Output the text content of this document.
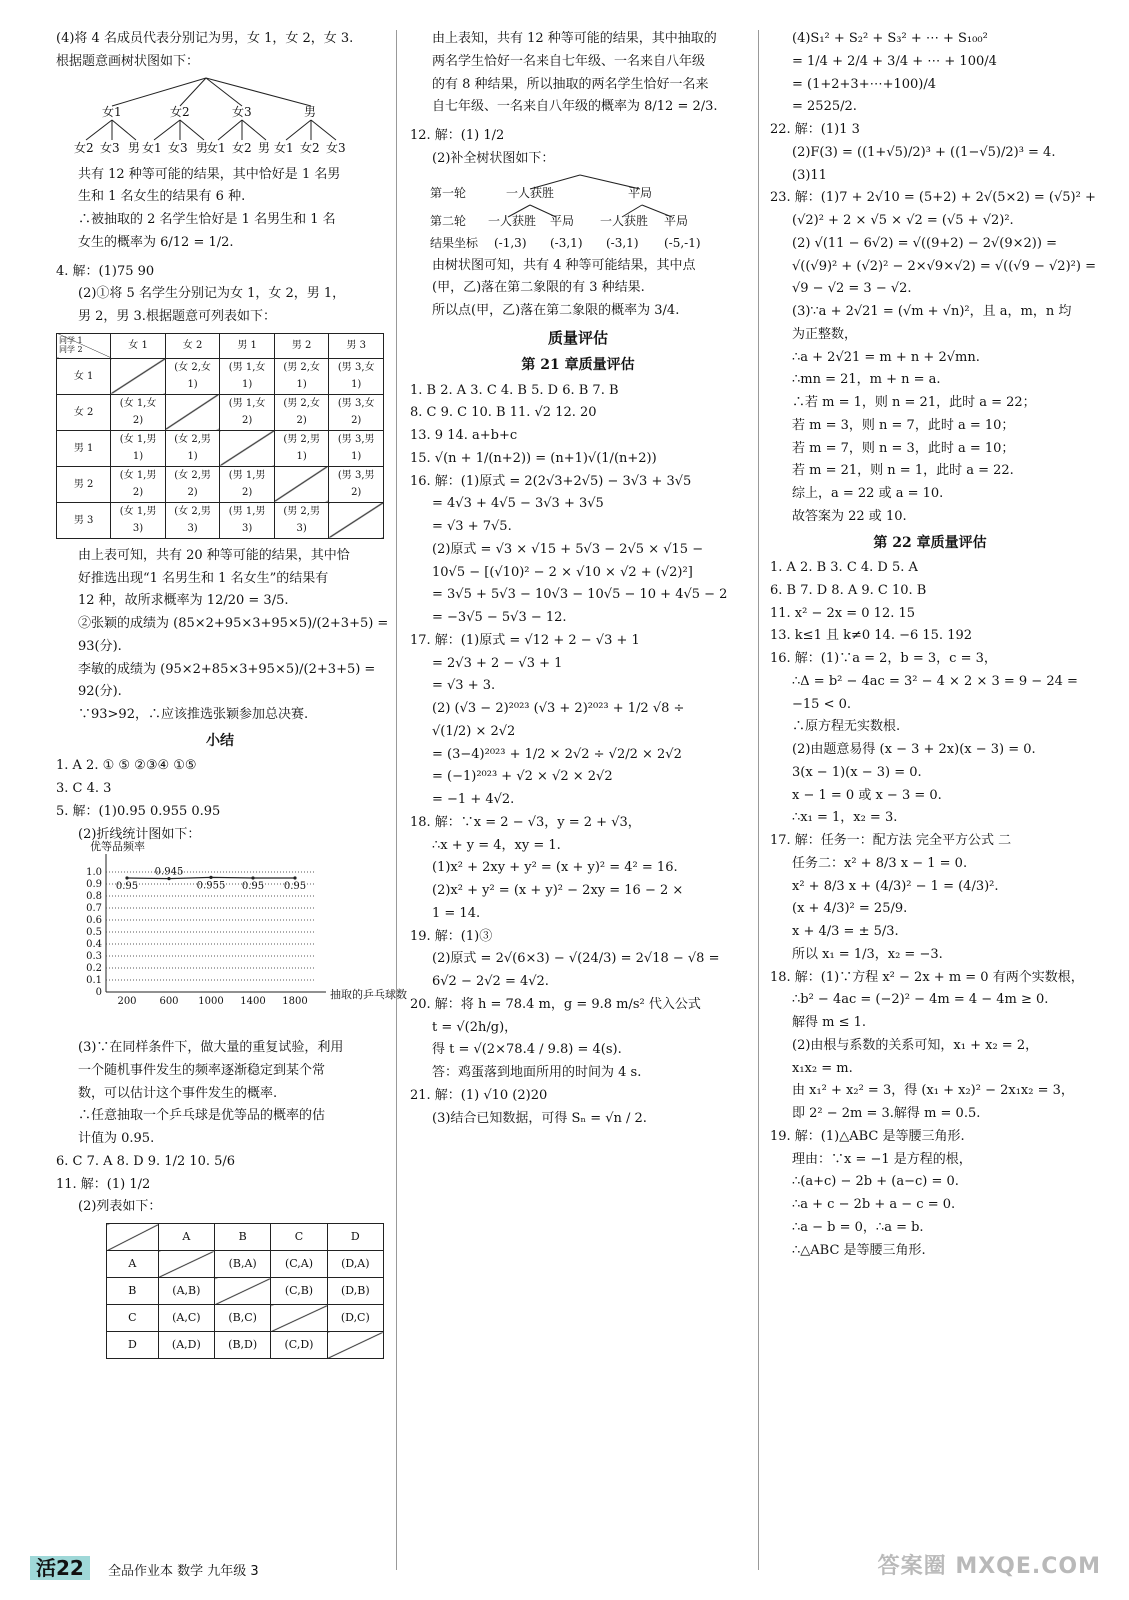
(4)将 4 名成员代表分别记为男，女 1，女 2，女 3.
根据题意画树状图如下：
女1	女2	女3	男
女2 女3 男 女1 女3 男
女1 女2 男 女1 女2 女3
共有 12 种等可能的结果，其中恰好是 1 名男
生和 1 名女生的结果有 6 种.
∴被抽取的 2 名学生恰好是 1 名男生和 1 名
女生的概率为 6/12 = 1/2.
4. 解：(1)75 90
(2)①将 5 名学生分别记为女 1，女 2，男 1，
男 2，男 3.根据题意可列表如下：
同学 1
同学 2	女 1	女 2	男 1	男 2	男 3
女 1		(女 2,女 1)	(男 1,女 1)	(男 2,女 1)	(男 3,女 1)
女 2	(女 1,女 2)		(男 1,女 2)	(男 2,女 2)	(男 3,女 2)
男 1	(女 1,男 1)	(女 2,男 1)		(男 2,男 1)	(男 3,男 1)
男 2	(女 1,男 2)	(女 2,男 2)	(男 1,男 2)		(男 3,男 2)
男 3	(女 1,男 3)	(女 2,男 3)	(男 1,男 3)	(男 2,男 3)	
由上表可知，共有 20 种等可能的结果，其中恰
好推选出现“1 名男生和 1 名女生”的结果有
12 种，故所求概率为 12/20 = 3/5.
②张颖的成绩为 (85×2+95×3+95×5)/(2+3+5) =
93(分).
李敏的成绩为 (95×2+85×3+95×5)/(2+3+5) =
92(分).
∵93>92，∴应该推选张颖参加总决赛.
小结
1. A 2. ① ⑤ ②③④ ①⑤
3. C 4. 3
5. 解：(1)0.95 0.955 0.95
(2)折线统计图如下：
0
0.1
0.2
0.3
0.4
0.5
0.6
0.7
0.8
0.9
1.0
200 600 1000 1400 1800
优等品频率
抽取的乒乓球数
0.95
0.945
0.955 0.95 0.95
(3)∵在同样条件下，做大量的重复试验，利用
一个随机事件发生的频率逐渐稳定到某个常
数，可以估计这个事件发生的概率.
∴任意抽取一个乒乓球是优等品的概率的估
计值为 0.95.
6. C 7. A 8. D 9. 1/2 10. 5/6
11. 解：(1) 1/2
(2)列表如下：
	A	B	C	D
A		(B,A)	(C,A)	(D,A)
B	(A,B)		(C,B)	(D,B)
C	(A,C)	(B,C)		(D,C)
D	(A,D)	(B,D)	(C,D)	
由上表知，共有 12 种等可能的结果，其中抽取的
两名学生恰好一名来自七年级、一名来自八年级
的有 8 种结果，所以抽取的两名学生恰好一名来
自七年级、一名来自八年级的概率为 8/12 = 2/3.
12. 解：(1) 1/2
(2)补全树状图如下：
第一轮	一人获胜	平局
第二轮 一人获胜 平局 一人获胜 平局
结果坐标 (-1,3) (-3,1) (-3,1) (-5,-1)
由树状图可知，共有 4 种等可能结果，其中点
(甲，乙)落在第二象限的有 3 种结果.
所以点(甲，乙)落在第二象限的概率为 3/4.
质量评估
第 21 章质量评估
1. B 2. A 3. C 4. B 5. D 6. B 7. B
8. C 9. C 10. B 11. √2 12. 20
13. 9 14. a+b+c
15. √(n + 1/(n+2)) = (n+1)√(1/(n+2))
16. 解：(1)原式 = 2(2√3+2√5) − 3√3 + 3√5
= 4√3 + 4√5 − 3√3 + 3√5
= √3 + 7√5.
(2)原式 = √3 × √15 + 5√3 − 2√5 × √15 −
10√5 − [(√10)² − 2 × √10 × √2 + (√2)²]
= 3√5 + 5√3 − 10√3 − 10√5 − 10 + 4√5 − 2
= −3√5 − 5√3 − 12.
17. 解：(1)原式 = √12 + 2 − √3 + 1
= 2√3 + 2 − √3 + 1
= √3 + 3.
(2) (√3 − 2)²⁰²³ (√3 + 2)²⁰²³ + 1/2 √8 ÷
√(1/2) × 2√2
= (3−4)²⁰²³ + 1/2 × 2√2 ÷ √2/2 × 2√2
= (−1)²⁰²³ + √2 × √2 × 2√2
= −1 + 4√2.
18. 解：∵x = 2 − √3，y = 2 + √3，
∴x + y = 4，xy = 1.
(1)x² + 2xy + y² = (x + y)² = 4² = 16.
(2)x² + y² = (x + y)² − 2xy = 16 − 2 ×
1 = 14.
19. 解：(1)③
(2)原式 = 2√(6×3) − √(24/3) = 2√18 − √8 =
6√2 − 2√2 = 4√2.
20. 解：将 h = 78.4 m，g = 9.8 m/s² 代入公式
t = √(2h/g)，
得 t = √(2×78.4 / 9.8) = 4(s).
答：鸡蛋落到地面所用的时间为 4 s.
21. 解：(1) √10 (2)20
(3)结合已知数据，可得 Sₙ = √n / 2.
(4)S₁² + S₂² + S₃² + ⋯ + S₁₀₀²
= 1/4 + 2/4 + 3/4 + ⋯ + 100/4
= (1+2+3+⋯+100)/4
= 2525/2.
22. 解：(1)1 3
(2)F(3) = ((1+√5)/2)³ + ((1−√5)/2)³ = 4.
(3)11
23. 解：(1)7 + 2√10 = (5+2) + 2√(5×2) = (√5)² +
(√2)² + 2 × √5 × √2 = (√5 + √2)².
(2) √(11 − 6√2) = √((9+2) − 2√(9×2)) =
√((√9)² + (√2)² − 2×√9×√2) = √((√9 − √2)²) =
√9 − √2 = 3 − √2.
(3)∵a + 2√21 = (√m + √n)²，且 a，m，n 均
为正整数，
∴a + 2√21 = m + n + 2√mn.
∴mn = 21，m + n = a.
∴若 m = 1，则 n = 21，此时 a = 22；
若 m = 3，则 n = 7，此时 a = 10；
若 m = 7，则 n = 3，此时 a = 10；
若 m = 21，则 n = 1，此时 a = 22.
综上，a = 22 或 a = 10.
故答案为 22 或 10.
第 22 章质量评估
1. A 2. B 3. C 4. D 5. A
6. B 7. D 8. A 9. C 10. B
11. x² − 2x = 0 12. 15
13. k≤1 且 k≠0 14. −6 15. 192
16. 解：(1)∵a = 2，b = 3，c = 3，
∴Δ = b² − 4ac = 3² − 4 × 2 × 3 = 9 − 24 =
−15 < 0.
∴原方程无实数根.
(2)由题意易得 (x − 3 + 2x)(x − 3) = 0.
3(x − 1)(x − 3) = 0.
x − 1 = 0 或 x − 3 = 0.
∴x₁ = 1，x₂ = 3.
17. 解：任务一：配方法 完全平方公式 二
任务二：x² + 8/3 x − 1 = 0.
x² + 8/3 x + (4/3)² − 1 = (4/3)².
(x + 4/3)² = 25/9.
x + 4/3 = ± 5/3.
所以 x₁ = 1/3，x₂ = −3.
18. 解：(1)∵方程 x² − 2x + m = 0 有两个实数根，
∴b² − 4ac = (−2)² − 4m = 4 − 4m ≥ 0.
解得 m ≤ 1.
(2)由根与系数的关系可知，x₁ + x₂ = 2，
x₁x₂ = m.
由 x₁² + x₂² = 3，得 (x₁ + x₂)² − 2x₁x₂ = 3，
即 2² − 2m = 3.解得 m = 0.5.
19. 解：(1)△ABC 是等腰三角形.
理由：∵x = −1 是方程的根，
∴(a+c) − 2b + (a−c) = 0.
∴a + c − 2b + a − c = 0.
∴a − b = 0，∴a = b.
∴△ABC 是等腰三角形.
活22 全品作业本 数学 九年级 3	答案圈 MXQE.COM
